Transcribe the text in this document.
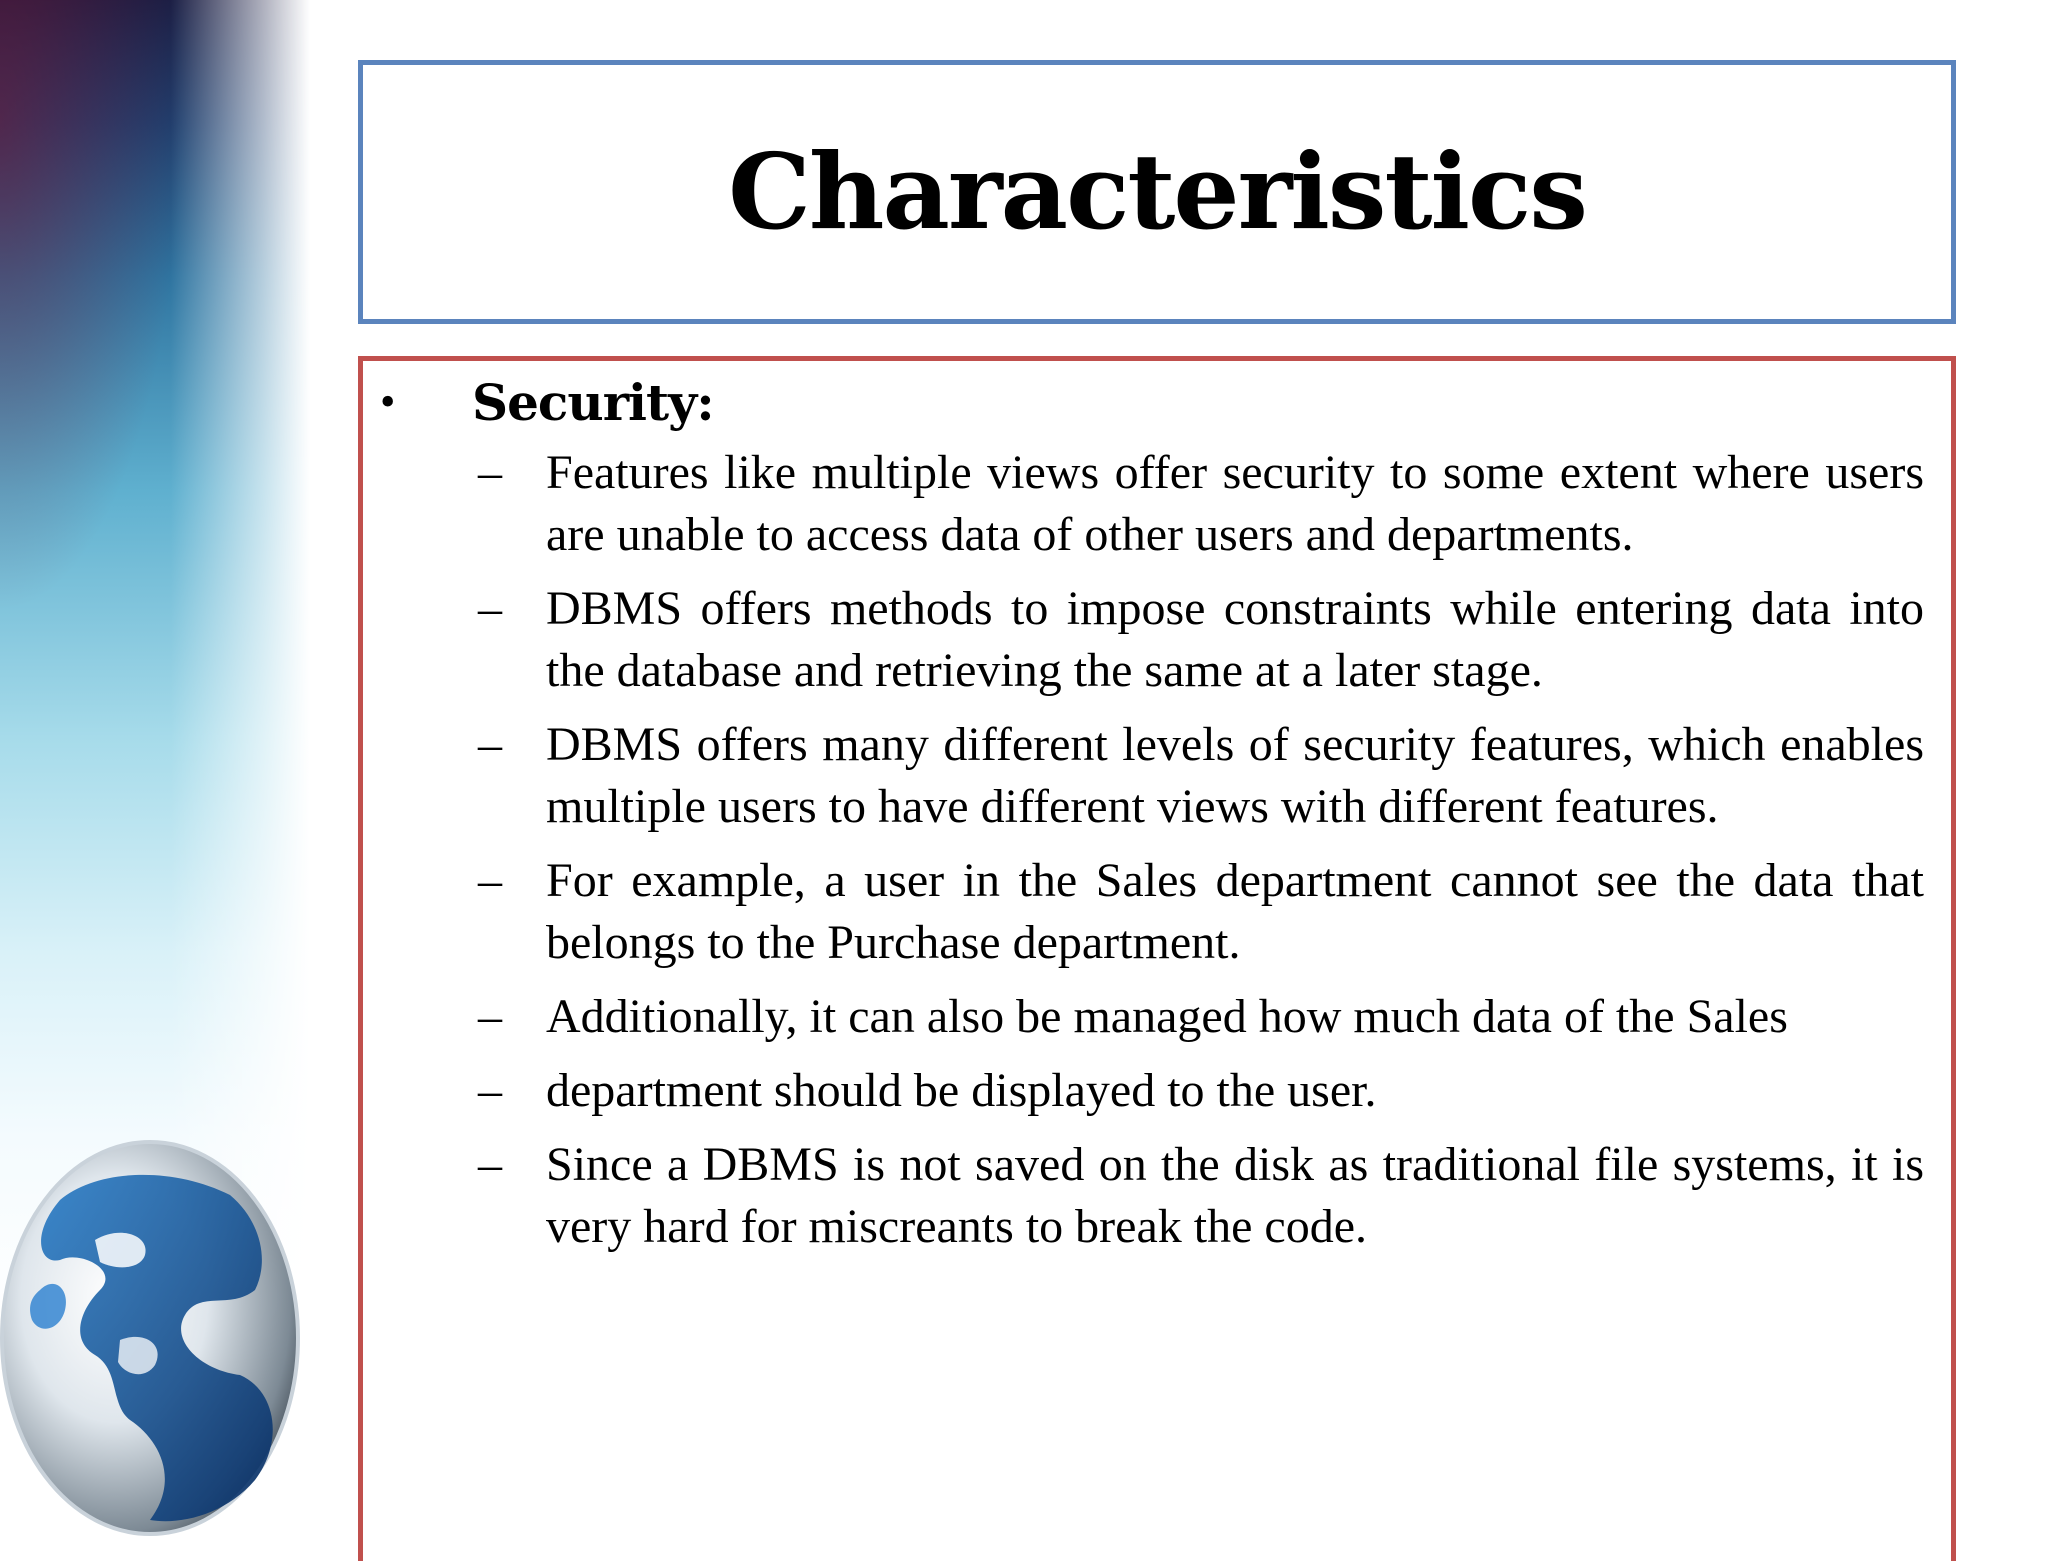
Characteristics
•	Security:
– Features like multiple views offer security to some extent where users are unable to access data of other users and departments.
– DBMS offers methods to impose constraints while entering data into the database and retrieving the same at a later stage.
– DBMS offers many different levels of security features, which enables multiple users to have different views with different features.
– For example, a user in the Sales department cannot see the data that belongs to the Purchase department.
– Additionally, it can also be managed how much data of the Sales
– department should be displayed to the user.
– Since a DBMS is not saved on the disk as traditional file systems, it is very hard for miscreants to break the code.
